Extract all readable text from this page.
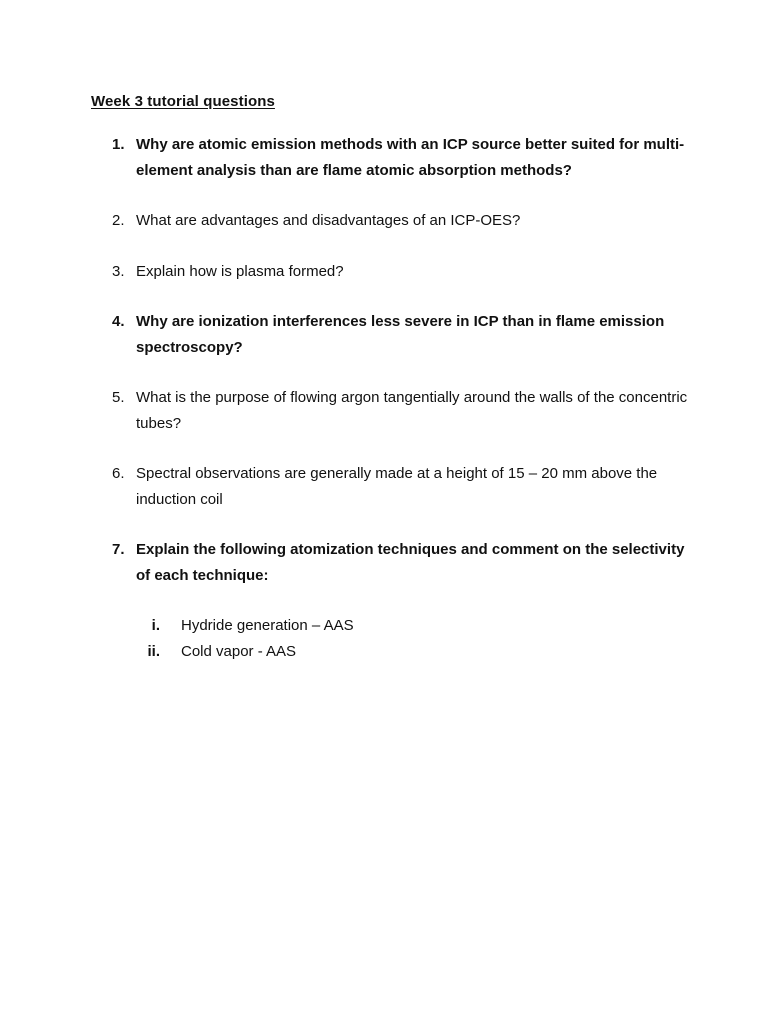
Week 3 tutorial questions
1. Why are atomic emission methods with an ICP source better suited for multi-element analysis than are flame atomic absorption methods?
2. What are advantages and disadvantages of an ICP-OES?
3. Explain how is plasma formed?
4. Why are ionization interferences less severe in ICP than in flame emission spectroscopy?
5. What is the purpose of flowing argon tangentially around the walls of the concentric tubes?
6. Spectral observations are generally made at a height of 15 – 20 mm above the induction coil
7. Explain the following atomization techniques and comment on the selectivity of each technique:
i. Hydride generation – AAS
ii. Cold vapor - AAS
